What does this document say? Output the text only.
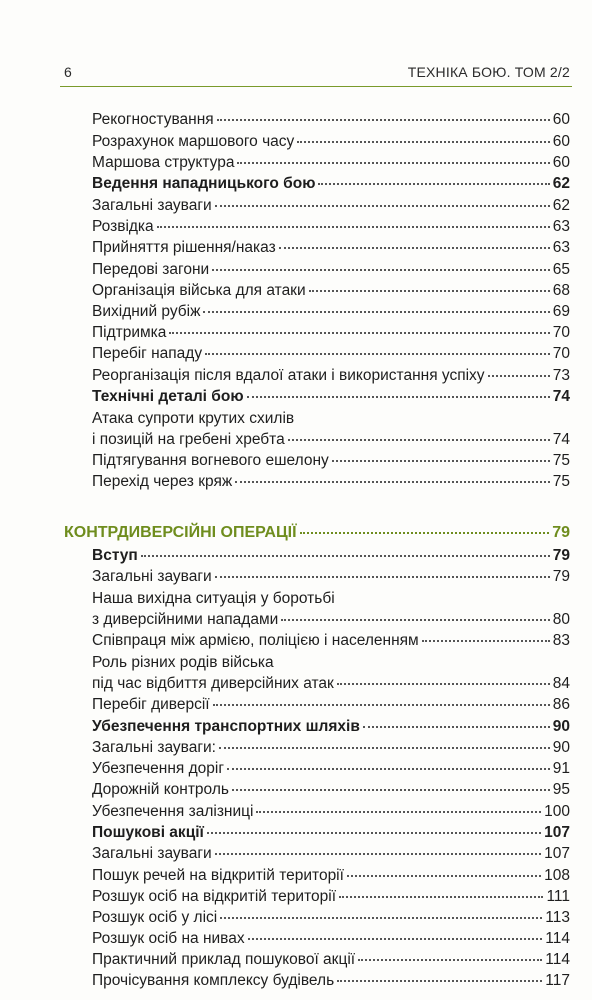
6	ТЕХНІКА БОЮ. ТОМ 2/2
Рекогностування	60
Розрахунок маршового часу	60
Маршова структура	60
Ведення нападницького бою	62
Загальні зауваги	62
Розвідка	63
Прийняття рішення/наказ	63
Передові загони	65
Організація війська для атаки	68
Вихідний рубіж	69
Підтримка	70
Перебіг нападу	70
Реорганізація після вдалої атаки і використання успіху	73
Технічні деталі бою	74
Атака супроти крутих схилів
і позицій на гребені хребта	74
Підтягування вогневого ешелону	75
Перехід через кряж	75
КОНТРДИВЕРСІЙНІ ОПЕРАЦІЇ	79
Вступ	79
Загальні зауваги	79
Наша вихідна ситуація у боротьбі
з диверсійними нападами	80
Співпраця між армією, поліцією і населенням	83
Роль різних родів війська
під час відбиття диверсійних атак	84
Перебіг диверсії	86
Убезпечення транспортних шляхів	90
Загальні зауваги:	90
Убезпечення доріг	91
Дорожній контроль	95
Убезпечення залізниці	100
Пошукові акції	107
Загальні зауваги	107
Пошук речей на відкритій території	108
Розшук осіб на відкритій території	111
Розшук осіб у лісі	113
Розшук осіб на нивах	114
Практичний приклад пошукової акції	114
Прочісування комплексу будівель	117
